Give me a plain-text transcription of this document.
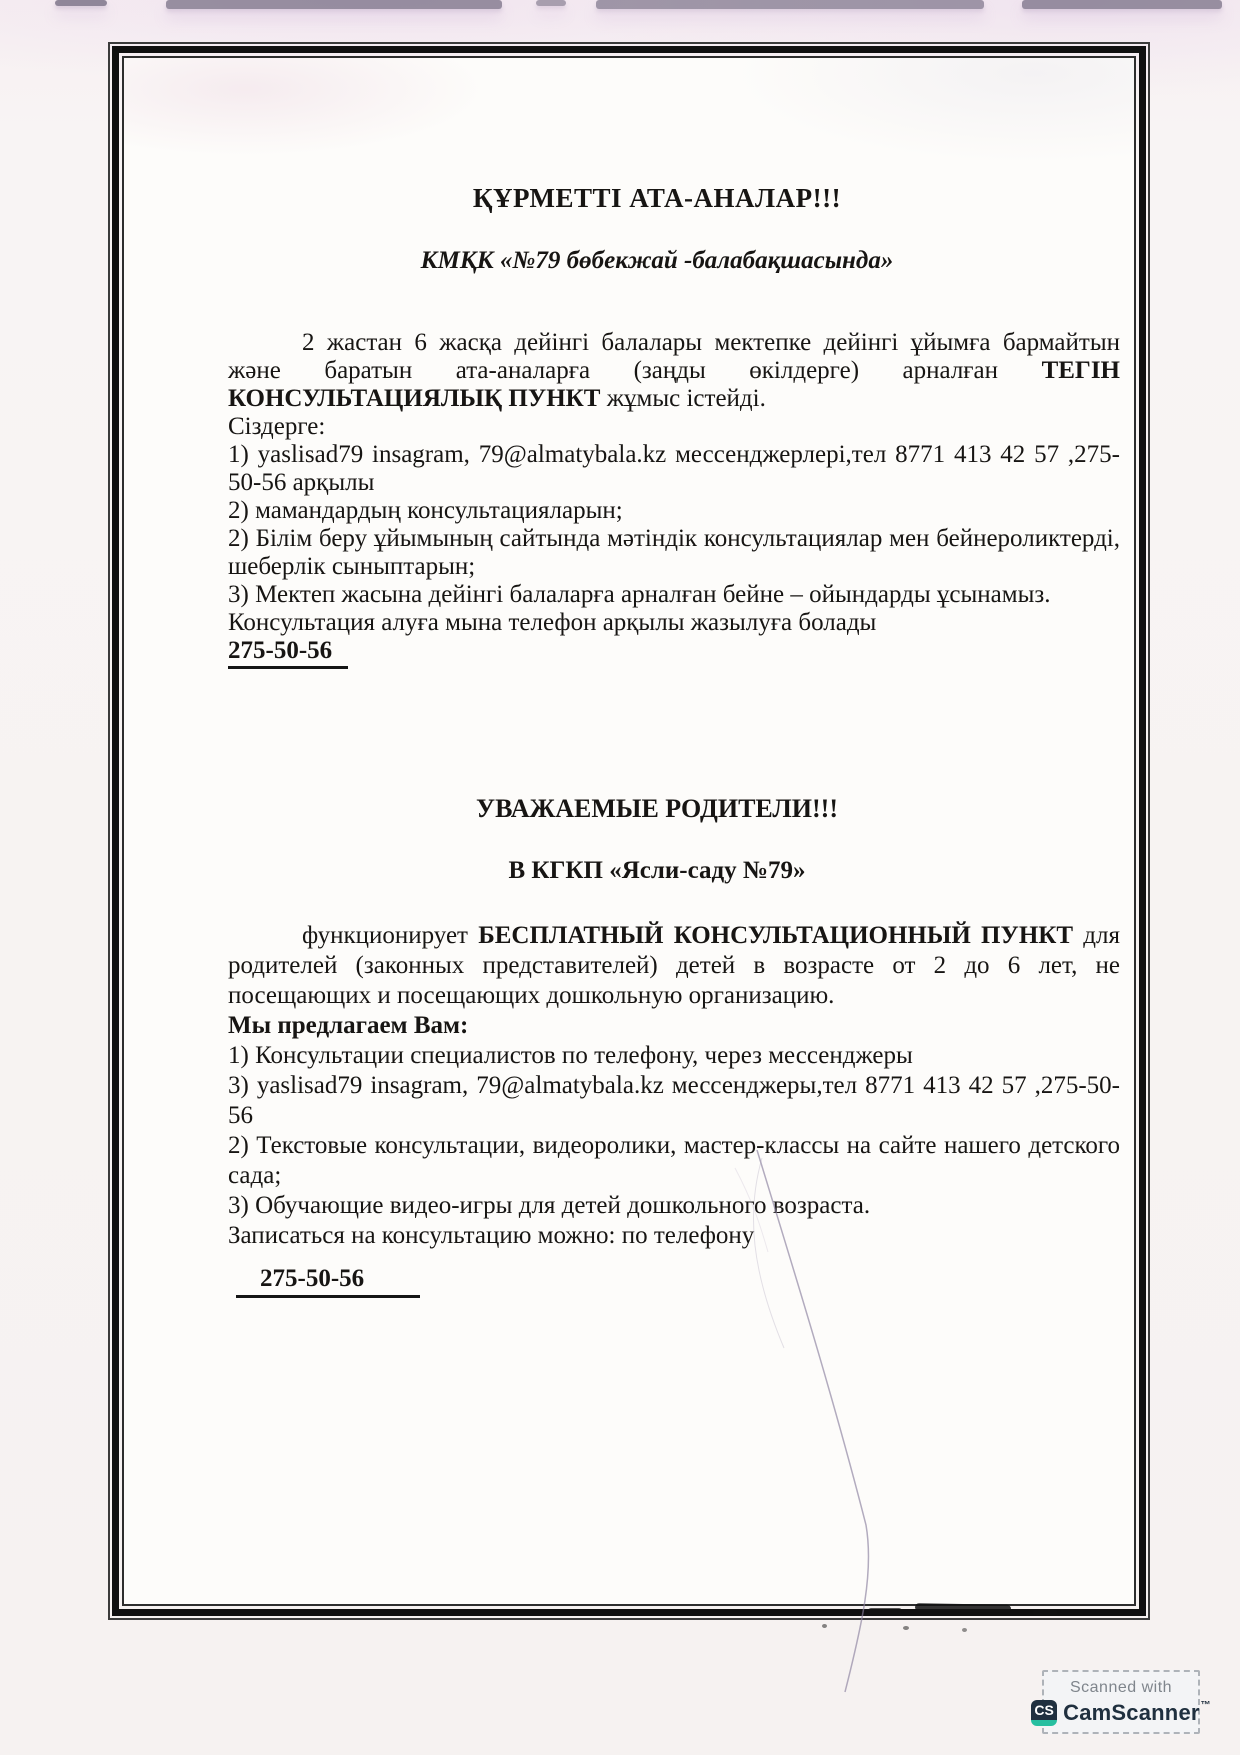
ҚҰРМЕТТІ АТА-АНАЛАР!!!

КМҚК «№79 бөбекжай -балабақшасында»

2 жастан 6 жасқа дейінгі балалары мектепке дейінгі ұйымға бармайтын және баратын ата-аналарға (заңды өкілдерге) арналған ТЕГІН КОНСУЛЬТАЦИЯЛЫҚ ПУНКТ жұмыс істейді.

Сіздерге:

1) yaslisad79 insagram, 79@almatybala.kz мессенджерлері,тел 8771 413 42 57 ,275-50-56 арқылы

2) мамандардың консультацияларын;

2) Білім беру ұйымының сайтында мәтіндік консультациялар мен бейнероликтерді, шеберлік сыныптарын;

3) Мектеп жасына дейінгі балаларға арналған бейне – ойындарды ұсынамыз.

Консультация алуға мына телефон арқылы жазылуға болады

275-50-56

УВАЖАЕМЫЕ РОДИТЕЛИ!!!

В КГКП «Ясли-саду №79»

функционирует БЕСПЛАТНЫЙ КОНСУЛЬТАЦИОННЫЙ ПУНКТ для родителей (законных представителей) детей в возрасте от 2 до 6 лет, не посещающих и посещающих дошкольную организацию.

Мы предлагаем Вам:

1) Консультации специалистов по телефону, через мессенджеры

3) yaslisad79 insagram, 79@almatybala.kz мессенджеры,тел 8771 413 42 57 ,275-50-56

2) Текстовые консультации, видеоролики, мастер-классы на сайте нашего детского сада;

3) Обучающие видео-игры для детей дошкольного возраста.

Записаться на консультацию можно: по телефону

275-50-56

Scanned with
CS CamScanner™
